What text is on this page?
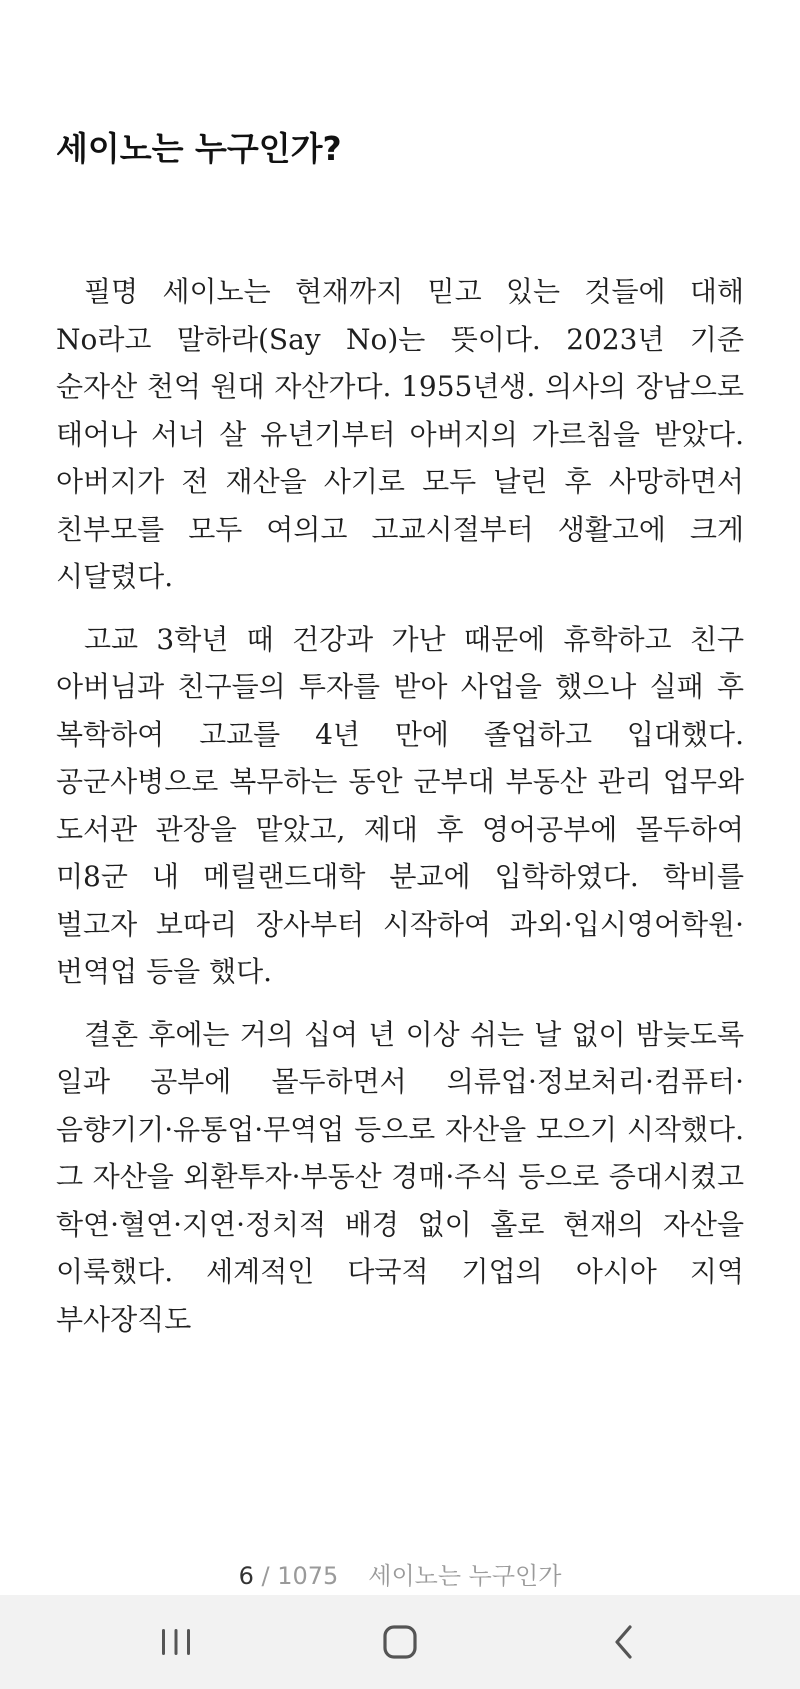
세이노는 누구인가?

필명 세이노는 현재까지 믿고 있는 것들에 대해 No라고 말하라(Say No)는 뜻이다. 2023년 기준 순자산 천억 원대 자산가다. 1955년생. 의사의 장남으로 태어나 서너 살 유년기부터 아버지의 가르침을 받았다. 아버지가 전 재산을 사기로 모두 날린 후 사망하면서 친부모를 모두 여의고 고교시절부터 생활고에 크게 시달렸다.

고교 3학년 때 건강과 가난 때문에 휴학하고 친구 아버님과 친구들의 투자를 받아 사업을 했으나 실패 후 복학하여 고교를 4년 만에 졸업하고 입대했다. 공군사병으로 복무하는 동안 군부대 부동산 관리 업무와 도서관 관장을 맡았고, 제대 후 영어공부에 몰두하여 미8군 내 메릴랜드대학 분교에 입학하였다. 학비를 벌고자 보따리 장사부터 시작하여 과외·입시영어학원·번역업 등을 했다.

결혼 후에는 거의 십여 년 이상 쉬는 날 없이 밤늦도록 일과 공부에 몰두하면서 의류업·정보처리·컴퓨터·음향기기·유통업·무역업 등으로 자산을 모으기 시작했다. 그 자산을 외환투자·부동산 경매·주식 등으로 증대시켰고 학연·혈연·지연·정치적 배경 없이 홀로 현재의 자산을 이룩했다. 세계적인 다국적 기업의 아시아 지역 부사장직도

6 / 1075 세이노는 누구인가
